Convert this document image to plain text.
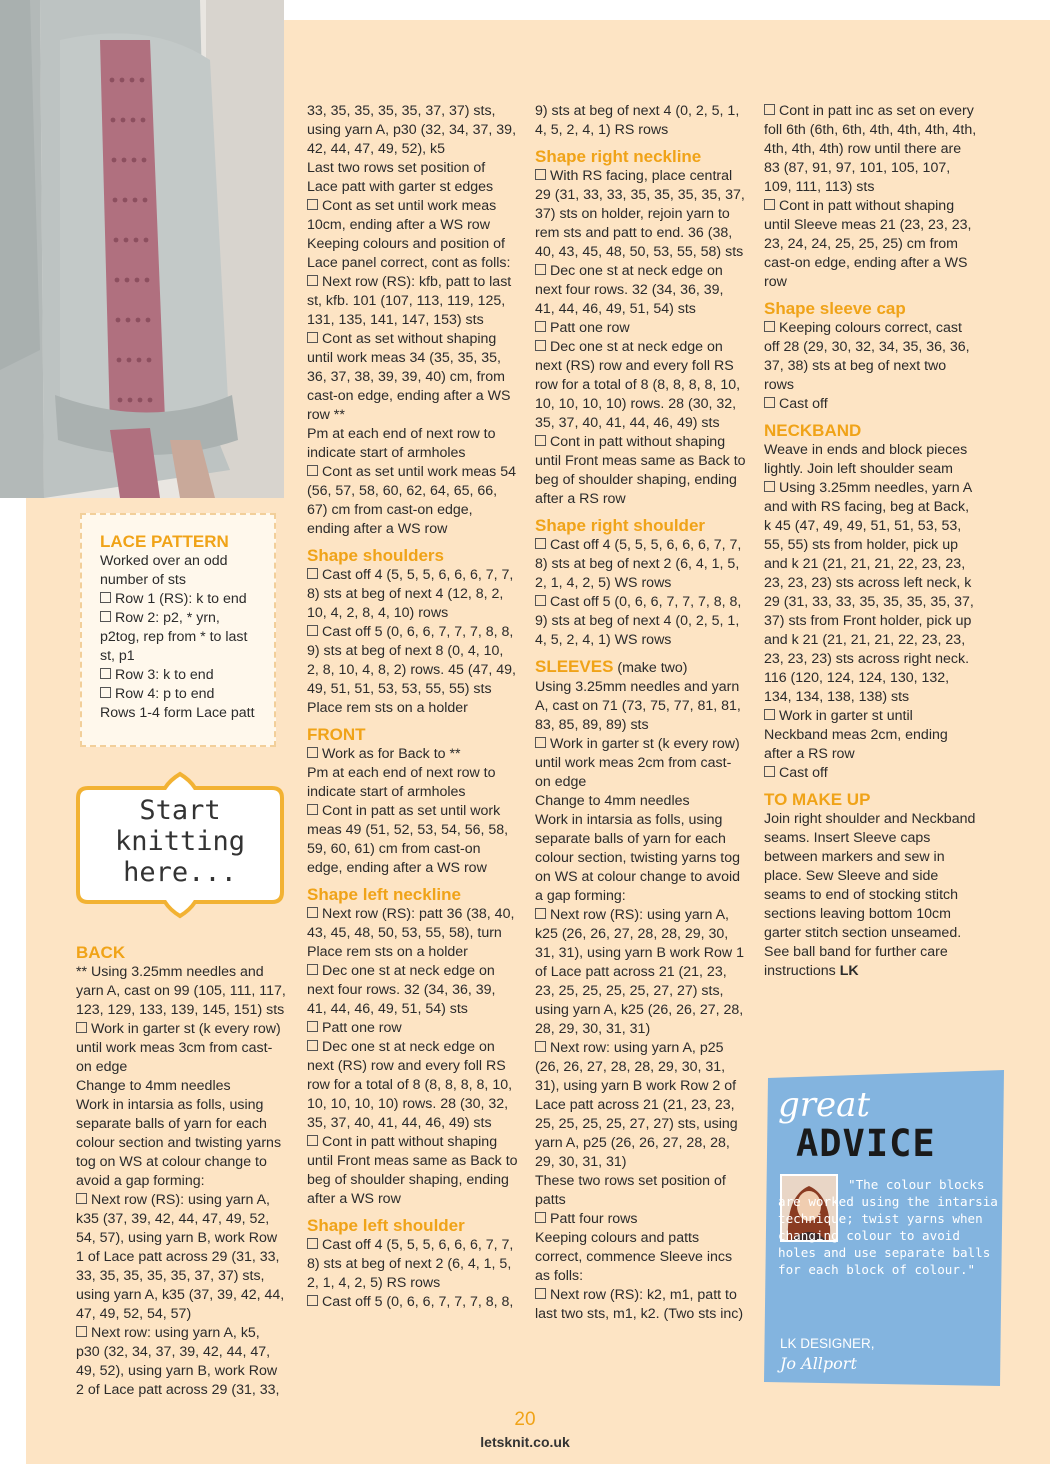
LACE PATTERN

Worked over an odd number of sts

Row 1 (RS): k to end

Row 2: p2, * yrn, p2tog, rep from * to last st, p1

Row 3: k to end

Row 4: p to end

Rows 1-4 form Lace patt

Start
knitting
here...

BACK

** Using 3.25mm needles and yarn A, cast on 99 (105, 111, 117, 123, 129, 133, 139, 145, 151) sts

Work in garter st (k every row) until work meas 3cm from cast-on edge

Change to 4mm needles

Work in intarsia as folls, using separate balls of yarn for each colour section and twisting yarns tog on WS at colour change to avoid a gap forming:

Next row (RS): using yarn A, k35 (37, 39, 42, 44, 47, 49, 52, 54, 57), using yarn B, work Row 1 of Lace patt across 29 (31, 33, 33, 35, 35, 35, 35, 37, 37) sts, using yarn A, k35 (37, 39, 42, 44, 47, 49, 52, 54, 57)

Next row: using yarn A, k5, p30 (32, 34, 37, 39, 42, 44, 47, 49, 52), using yarn B, work Row 2 of Lace patt across 29 (31, 33,

33, 35, 35, 35, 35, 37, 37) sts, using yarn A, p30 (32, 34, 37, 39, 42, 44, 47, 49, 52), k5

Last two rows set position of Lace patt with garter st edges

Cont as set until work meas 10cm, ending after a WS row

Keeping colours and position of Lace panel correct, cont as folls:

Next row (RS): kfb, patt to last st, kfb. 101 (107, 113, 119, 125, 131, 135, 141, 147, 153) sts

Cont as set without shaping until work meas 34 (35, 35, 35, 36, 37, 38, 39, 39, 40) cm, from cast-on edge, ending after a WS row **

Pm at each end of next row to indicate start of armholes

Cont as set until work meas 54 (56, 57, 58, 60, 62, 64, 65, 66, 67) cm from cast-on edge, ending after a WS row

Shape shoulders

Cast off 4 (5, 5, 5, 6, 6, 6, 7, 7, 8) sts at beg of next 4 (12, 8, 2, 10, 4, 2, 8, 4, 10) rows

Cast off 5 (0, 6, 6, 7, 7, 7, 8, 8, 9) sts at beg of next 8 (0, 4, 10, 2, 8, 10, 4, 8, 2) rows. 45 (47, 49, 49, 51, 51, 53, 53, 55, 55) sts

Place rem sts on a holder

FRONT

Work as for Back to **

Pm at each end of next row to indicate start of armholes

Cont in patt as set until work meas 49 (51, 52, 53, 54, 56, 58, 59, 60, 61) cm from cast-on edge, ending after a WS row

Shape left neckline

Next row (RS): patt 36 (38, 40, 43, 45, 48, 50, 53, 55, 58), turn

Place rem sts on a holder

Dec one st at neck edge on next four rows. 32 (34, 36, 39, 41, 44, 46, 49, 51, 54) sts

Patt one row

Dec one st at neck edge on next (RS) row and every foll RS row for a total of 8 (8, 8, 8, 8, 10, 10, 10, 10, 10) rows. 28 (30, 32, 35, 37, 40, 41, 44, 46, 49) sts

Cont in patt without shaping until Front meas same as Back to beg of shoulder shaping, ending after a WS row

Shape left shoulder

Cast off 4 (5, 5, 5, 6, 6, 6, 7, 7, 8) sts at beg of next 2 (6, 4, 1, 5, 2, 1, 4, 2, 5) RS rows

Cast off 5 (0, 6, 6, 7, 7, 7, 8, 8,

9) sts at beg of next 4 (0, 2, 5, 1, 4, 5, 2, 4, 1) RS rows

Shape right neckline

With RS facing, place central 29 (31, 33, 33, 35, 35, 35, 35, 37, 37) sts on holder, rejoin yarn to rem sts and patt to end. 36 (38, 40, 43, 45, 48, 50, 53, 55, 58) sts

Dec one st at neck edge on next four rows. 32 (34, 36, 39, 41, 44, 46, 49, 51, 54) sts

Patt one row

Dec one st at neck edge on next (RS) row and every foll RS row for a total of 8 (8, 8, 8, 8, 10, 10, 10, 10, 10) rows. 28 (30, 32, 35, 37, 40, 41, 44, 46, 49) sts

Cont in patt without shaping until Front meas same as Back to beg of shoulder shaping, ending after a RS row

Shape right shoulder

Cast off 4 (5, 5, 5, 6, 6, 6, 7, 7, 8) sts at beg of next 2 (6, 4, 1, 5, 2, 1, 4, 2, 5) WS rows

Cast off 5 (0, 6, 6, 7, 7, 7, 8, 8, 9) sts at beg of next 4 (0, 2, 5, 1, 4, 5, 2, 4, 1) WS rows

SLEEVES (make two)

Using 3.25mm needles and yarn A, cast on 71 (73, 75, 77, 81, 81, 83, 85, 89, 89) sts

Work in garter st (k every row) until work meas 2cm from cast-on edge

Change to 4mm needles

Work in intarsia as folls, using separate balls of yarn for each colour section, twisting yarns tog on WS at colour change to avoid a gap forming:

Next row (RS): using yarn A, k25 (26, 26, 27, 28, 28, 29, 30, 31, 31), using yarn B work Row 1 of Lace patt across 21 (21, 23, 23, 25, 25, 25, 25, 27, 27) sts, using yarn A, k25 (26, 26, 27, 28, 28, 29, 30, 31, 31)

Next row: using yarn A, p25 (26, 26, 27, 28, 28, 29, 30, 31, 31), using yarn B work Row 2 of Lace patt across 21 (21, 23, 23, 25, 25, 25, 25, 27, 27) sts, using yarn A, p25 (26, 26, 27, 28, 28, 29, 30, 31, 31)

These two rows set position of patts

Patt four rows

Keeping colours and patts correct, commence Sleeve incs as folls:

Next row (RS): k2, m1, patt to last two sts, m1, k2. (Two sts inc)

Cont in patt inc as set on every foll 6th (6th, 6th, 4th, 4th, 4th, 4th, 4th, 4th, 4th) row until there are 83 (87, 91, 97, 101, 105, 107, 109, 111, 113) sts

Cont in patt without shaping until Sleeve meas 21 (23, 23, 23, 23, 24, 24, 25, 25, 25) cm from cast-on edge, ending after a WS row

Shape sleeve cap

Keeping colours correct, cast off 28 (29, 30, 32, 34, 35, 36, 36, 37, 38) sts at beg of next two rows

Cast off

NECKBAND

Weave in ends and block pieces lightly. Join left shoulder seam

Using 3.25mm needles, yarn A and with RS facing, beg at Back, k 45 (47, 49, 49, 51, 51, 53, 53, 55, 55) sts from holder, pick up and k 21 (21, 21, 21, 22, 23, 23, 23, 23, 23) sts across left neck, k 29 (31, 33, 33, 35, 35, 35, 35, 37, 37) sts from Front holder, pick up and k 21 (21, 21, 21, 22, 23, 23, 23, 23, 23) sts across right neck. 116 (120, 124, 124, 130, 132, 134, 134, 138, 138) sts

Work in garter st until Neckband meas 2cm, ending after a RS row

Cast off

TO MAKE UP

Join right shoulder and Neckband seams. Insert Sleeve caps between markers and sew in place. Sew Sleeve and side seams to end of stocking stitch sections leaving bottom 10cm garter stitch section unseamed. See ball band for further care instructions LK

great
ADVICE
"The colour blocks are worked using the intarsia technique; twist yarns when changing colour to avoid holes and use separate balls for each block of colour."
LK DESIGNER,
Jo Allport
20
letsknit.co.uk
